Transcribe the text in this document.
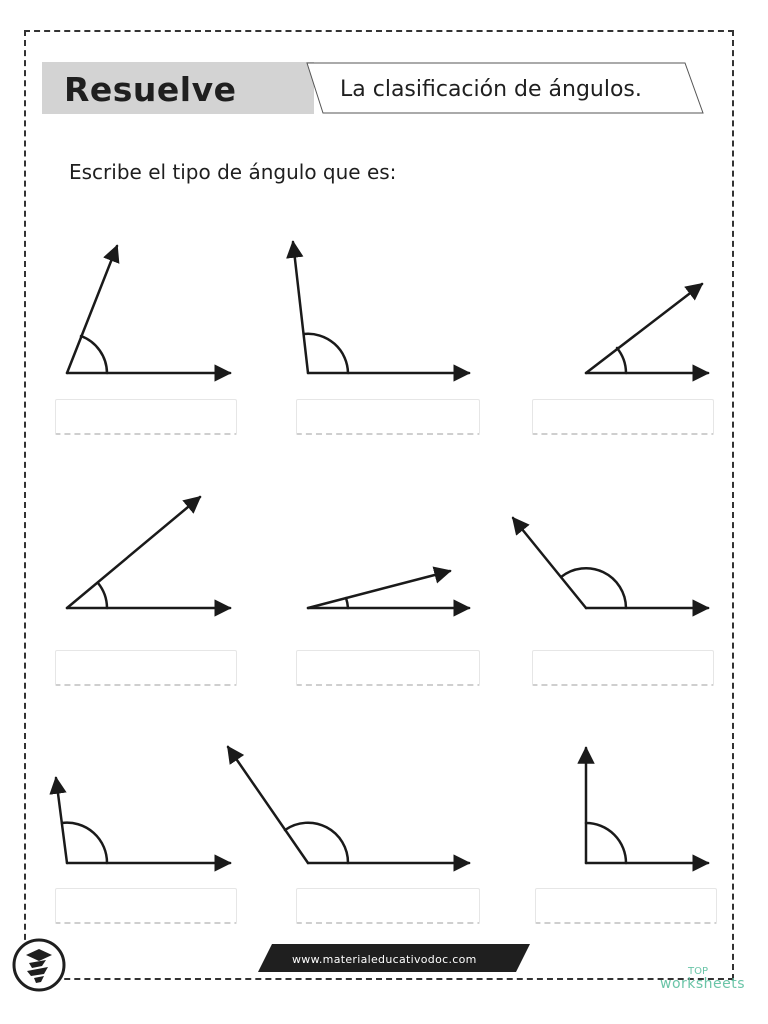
Resuelve	La clasificación de ángulos.
Escribe el tipo de ángulo que es:
www.materialeducativodoc.com
TOP
worksheets
